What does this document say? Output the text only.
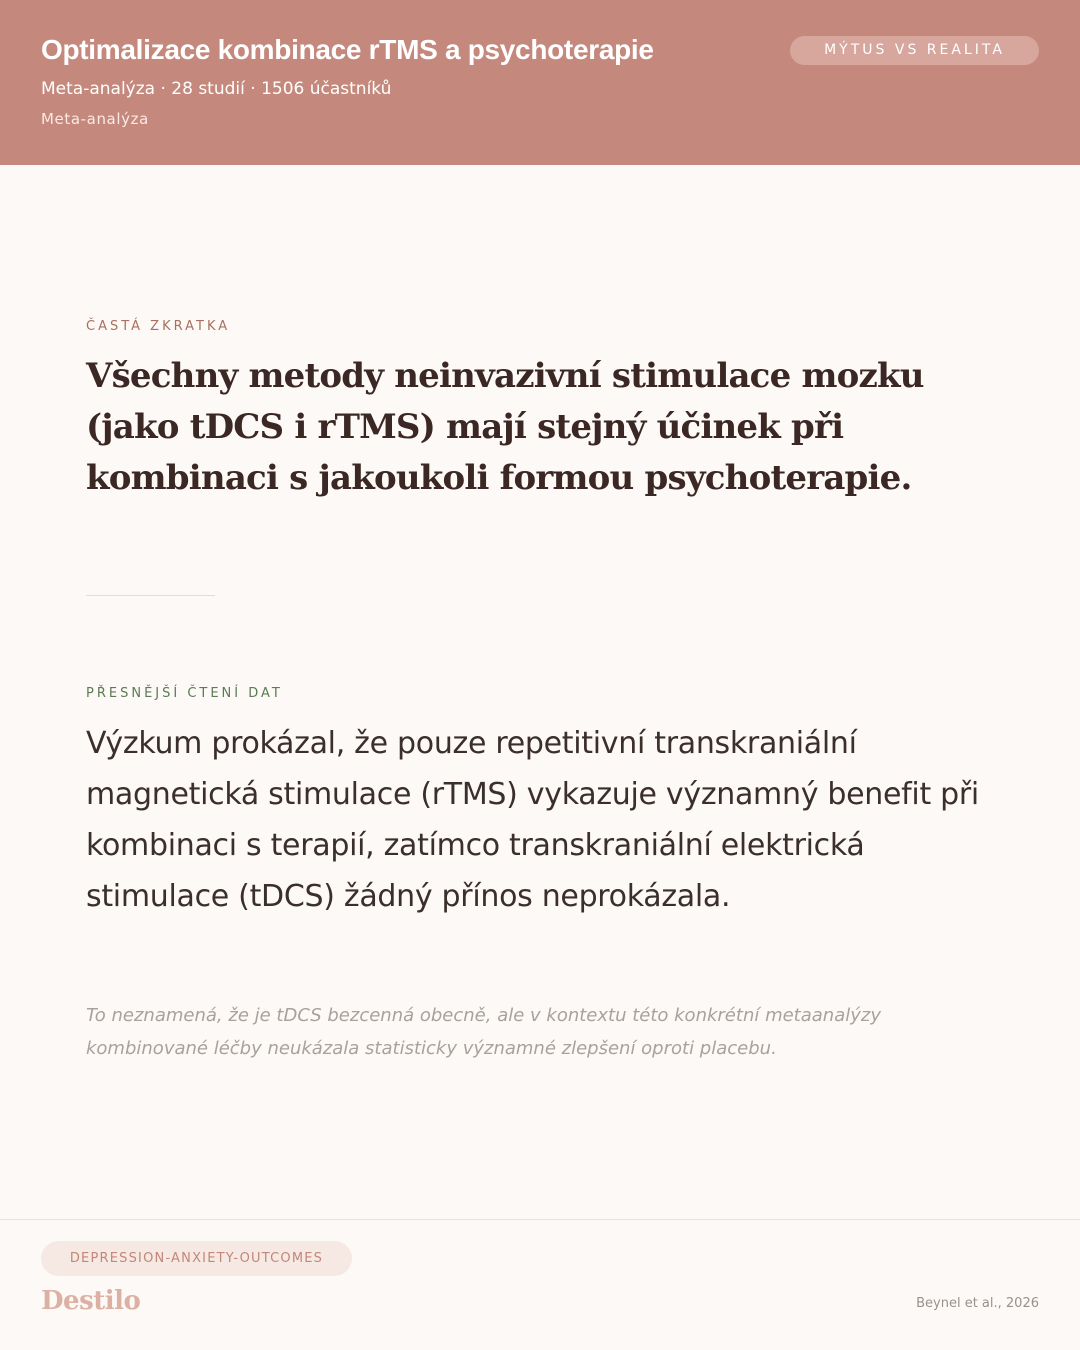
Optimalizace kombinace rTMS a psychoterapie
Meta-analýza · 28 studií · 1506 účastníků
Meta-analýza
MÝTUS VS REALITA
ČASTÁ ZKRATKA
Všechny metody neinvazivní stimulace mozku (jako tDCS i rTMS) mají stejný účinek při kombinaci s jakoukoli formou psychoterapie.
PŘESNĚJŠÍ ČTENÍ DAT
Výzkum prokázal, že pouze repetitivní transkraniální magnetická stimulace (rTMS) vykazuje významný benefit při kombinaci s terapií, zatímco transkraniální elektrická stimulace (tDCS) žádný přínos neprokázala.
To neznamená, že je tDCS bezcenná obecně, ale v kontextu této konkrétní metaanalýzy kombinované léčby neukázala statisticky významné zlepšení oproti placebu.
DEPRESSION-ANXIETY-OUTCOMES
Destilo	Beynel et al., 2026
